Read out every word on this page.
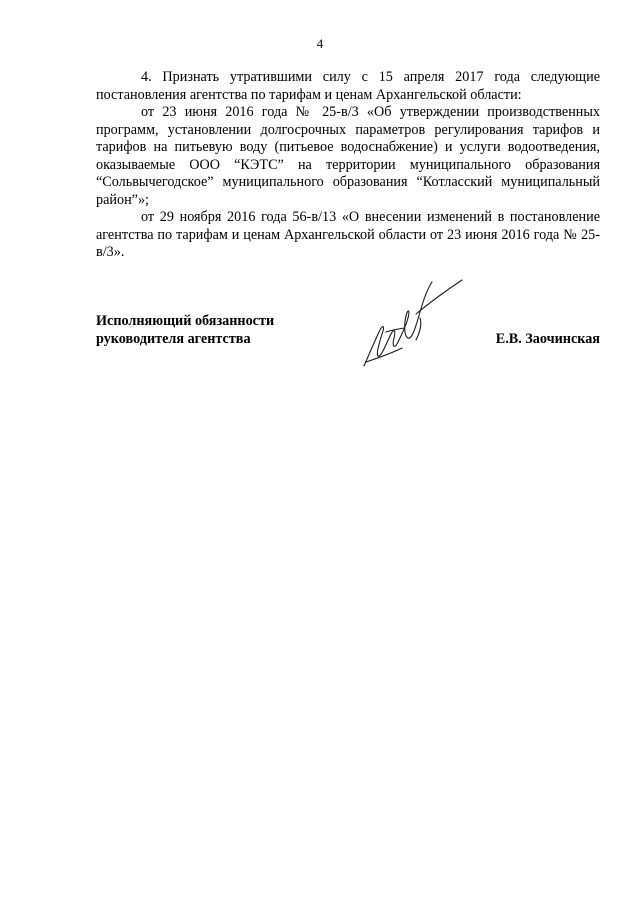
4

4. Признать утратившими силу с 15 апреля 2017 года следующие постановления агентства по тарифам и ценам Архангельской области:

от 23 июня 2016 года № 25-в/3 «Об утверждении производственных программ, установлении долгосрочных параметров регулирования тарифов и тарифов на питьевую воду (питьевое водоснабжение) и услуги водоотведения, оказываемые ООО “КЭТС” на территории муниципального образования “Сольвычегодское” муниципального образования “Котласский муниципальный район”»;

от 29 ноября 2016 года 56-в/13 «О внесении изменений в постановление агентства по тарифам и ценам Архангельской области от 23 июня 2016 года № 25-в/3».

Исполняющий обязанности
руководителя агентства	Е.В. Заочинская
